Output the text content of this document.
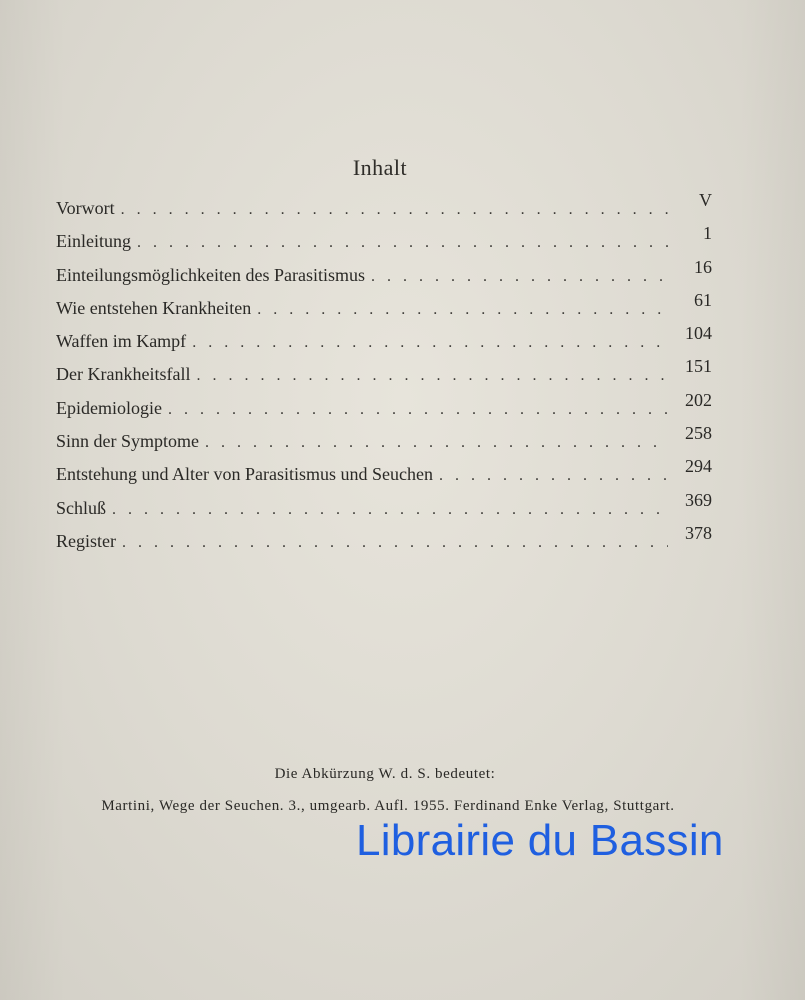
Inhalt
Vorwort . . .	V
Einleitung . . .	1
Einteilungsmöglichkeiten des Parasitismus . . .	16
Wie entstehen Krankheiten . . .	61
Waffen im Kampf . . .	104
Der Krankheitsfall . . .	151
Epidemiologie . . .	202
Sinn der Symptome . . .	258
Entstehung und Alter von Parasitismus und Seuchen . . .	294
Schluß . . .	369
Register . . .	378
Die Abkürzung W. d. S. bedeutet:
Martini, Wege der Seuchen. 3., umgearb. Aufl. 1955. Ferdinand Enke Verlag, Stuttgart.
Librairie du Bassin
